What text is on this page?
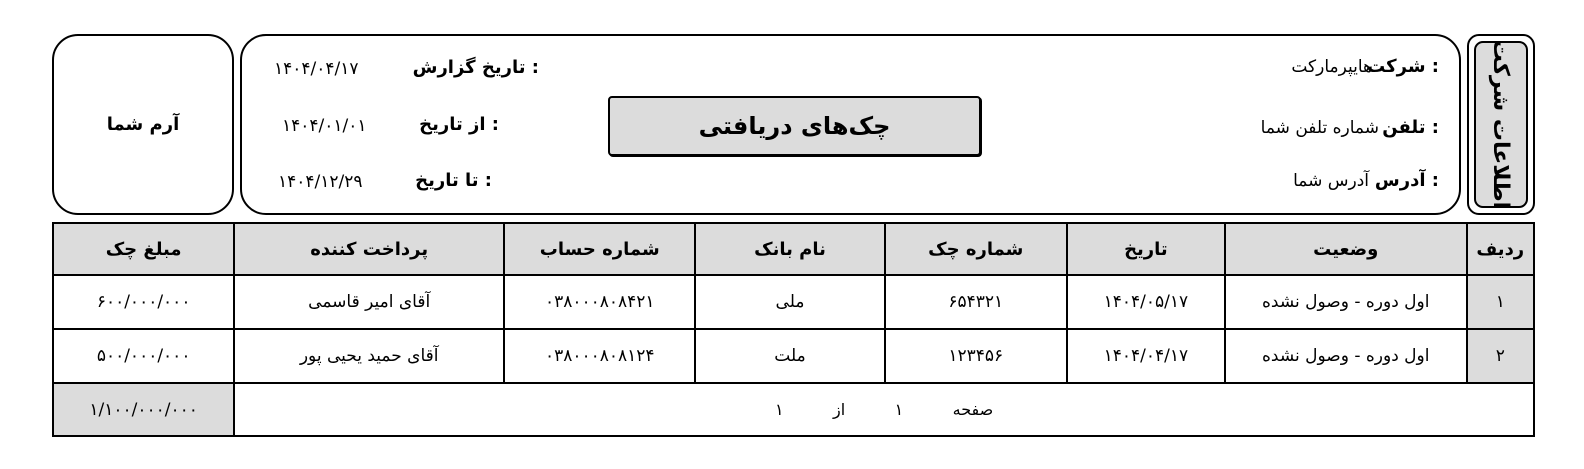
اطلاعات شرکت
شرکت :
هایپرمارکت
تلفن :
شماره تلفن شما
آدرس :
آدرس شما
چک‌های دریافتی
تاریخ گزارش :
۱۴۰۴/۰۴/۱۷
از تاریخ :
۱۴۰۴/۰۱/۰۱
تا تاریخ :
۱۴۰۴/۱۲/۲۹
آرم شما
ردیف	وضعیت	تاریخ	شماره چک	نام بانک	شماره حساب	پرداخت کننده	مبلغ چک
۱	اول دوره - وصول نشده	۱۴۰۴/۰۵/۱۷	۶۵۴۳۲۱	ملی	۰۳۸۰۰۰۸۰۸۴۲۱	آقای امیر قاسمی	۶۰۰/۰۰۰/۰۰۰
۲	اول دوره - وصول نشده	۱۴۰۴/۰۴/۱۷	۱۲۳۴۵۶	ملت	۰۳۸۰۰۰۸۰۸۱۲۴	آقای حمید یحیی پور	۵۰۰/۰۰۰/۰۰۰
صفحه ۱ از ۱							۱/۱۰۰/۰۰۰/۰۰۰
